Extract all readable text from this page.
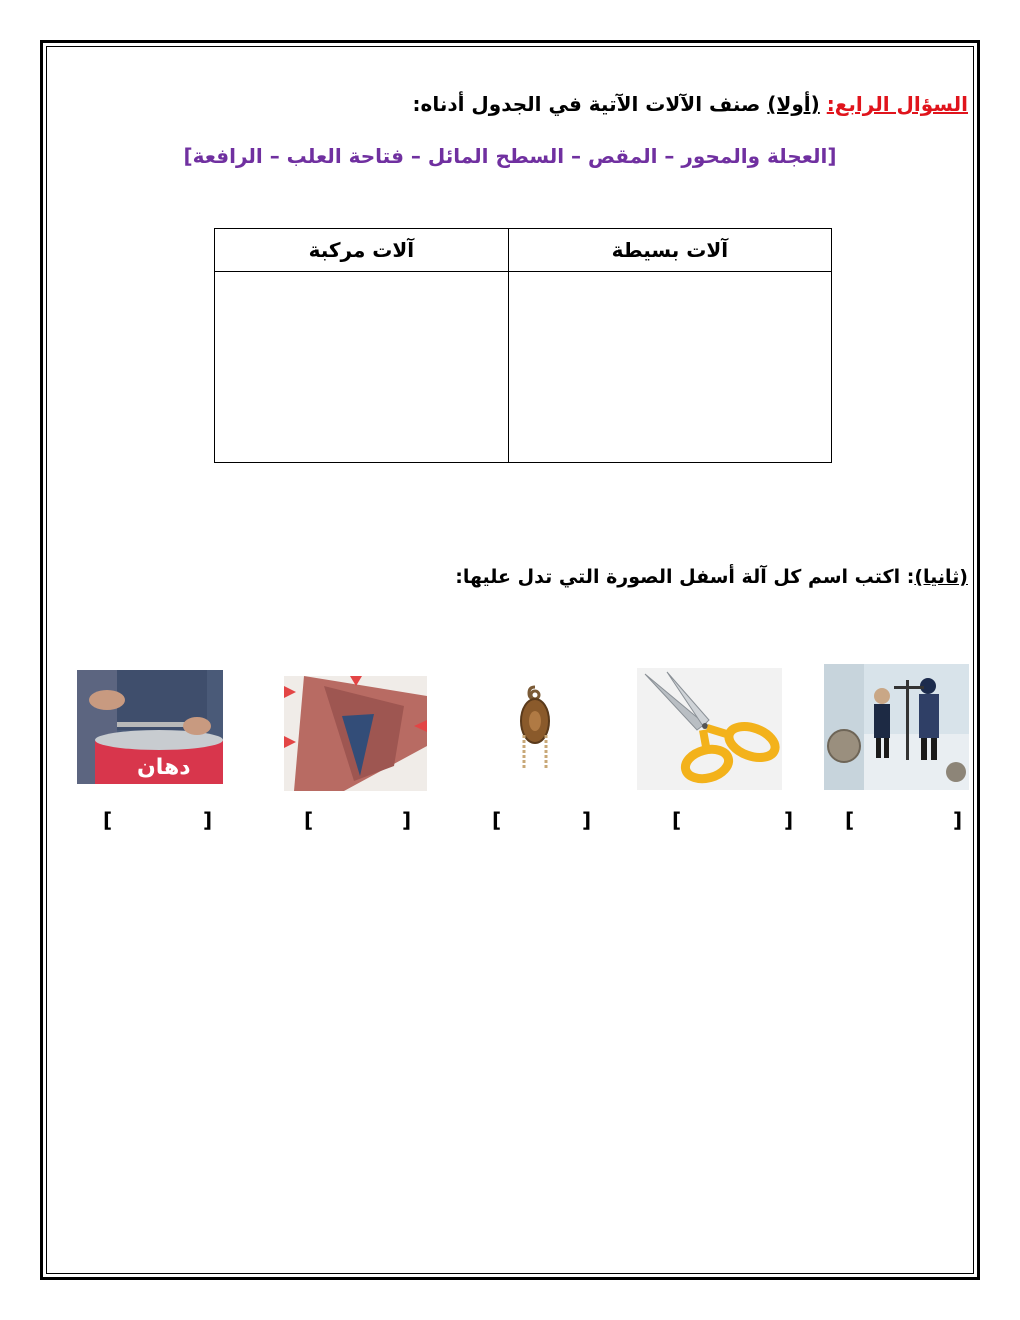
السؤال الرابع: (أولا) صنف الآلات الآتية في الجدول أدناه:
[العجلة والمحور – المقص – السطح المائل – فتاحة العلب – الرافعة]
آلات بسيطة	آلات مركبة

(ثانيا): اكتب اسم كل آلة أسفل الصورة التي تدل عليها:
دهان
[	]
[	]
[	]
[	]
[	]
